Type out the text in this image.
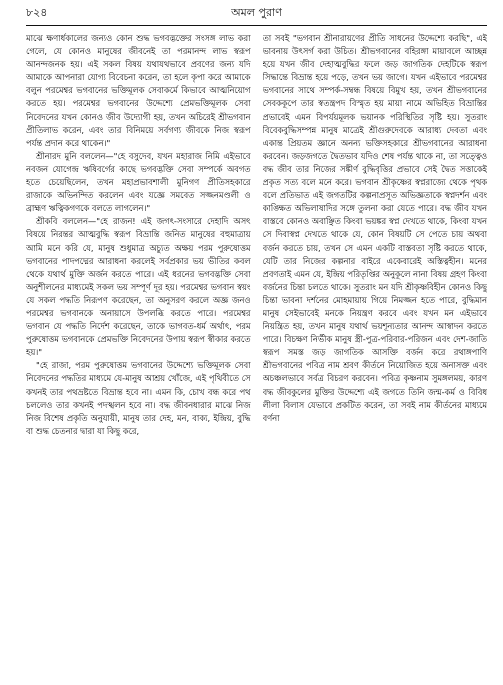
৮২৪	অমল পুরাণ

মাঝে ক্ষণার্ধকালের জন্যও কোন শুদ্ধ ভগবদ্ভক্তের সংসঙ্গ লাভ করা গেলে, যে কোনও মানুষের জীবনেই তা পরমানন্দ লাভ স্বরূপ আনন্দজনক হয়। এই সকল বিষয় যথাযথভাবে প্রবণের জন্য যদি আমাকে আপনারা যোগ্য বিবেচনা করেন, তা হলে কৃপা করে আমাকে বলুন পরমেশ্বর ভগবানের ভক্তিমূলক সেবাকর্মে কিভাবে আত্মনিয়োগ করতে হয়। পরমেশ্বর ভগবানের উদ্দেশ্যে প্রেমভক্তিমূলক সেবা নিবেদনের যখন কোনও জীব উদ্যোগী হয়, তখন অচিরেই শ্রীভগবান প্রীতিলাভ করেন, এবং তার বিনিময়ে সর্বগণ্য জীবকে নিজ স্বরূপ পর্যন্ত প্রদান করে থাকেন।"

শ্রীনারদ মুনি বললেন—"হে বসুদেব, যখন মহারাজ নিমি এইভাবে নবজন যোগেন্দ্র ঋষিবর্গের কাছে ভগবদ্ভক্তি সেবা সম্পর্কে অবগত হতে চেয়েছিলেন, তখন মহাপ্রভাবশালী মুনিগণ প্রীতিসহকারে রাজাকে অভিনন্দিত করলেন এবং যজ্ঞে সমবেত সজ্জনমণ্ডলী ও ব্রাহ্মণ ঋত্বিকগণকে বলতে লাগলেন।"

শ্রীকবি বললেন—"হে রাজন! এই জগৎ-সংসারে দেহাদি অসৎ বিষয়ে নিরন্তর আত্মবুদ্ধি স্বরূপ বিভ্রান্তি জনিত মানুষের বহুমাত্রায় আমি মনে করি যে, মানুষ শুধুমাত্র অচ্যুত অক্ষয় পরম পুরুষোত্তম ভগবানের পাদপদ্মের আরাধনা করলেই সর্বপ্রকার ভয় ভীতির কবল থেকে যথার্থ মুক্তি অর্জন করতে পারে। এই ধরনের ভগবদ্ভক্তি সেবা অনুশীলনের মাধ্যমেই সকল ভয় সম্পূর্ণ দূর হয়। পরমেশ্বর ভগবান স্বয়ং যে সকল পদ্ধতি নিরূপণ করেছেন, তা অনুসরণ করলে অজ্ঞ জনও পরমেশ্বর ভগবানকে অনায়াসে উপলব্ধি করতে পারে। পরমেশ্বর ভগবান যে পদ্ধতি নির্দেশ করেছেন, তাকে ভাগবত-ধর্ম অর্থাৎ, পরম পুরুষোত্তম ভগবানকে প্রেমভক্তি নিবেদনের উপায় স্বরূপ স্বীকার করতে হয়।"

"হে রাজা, পরম পুরুষোত্তম ভগবানের উদ্দেশ্যে ভক্তিমূলক সেবা নিবেদনের পদ্ধতির মাধ্যমে যে-মানুষ আশ্রয় খোঁজে, এই পৃথিবীতে সে কখনই তার পথভ্রষ্টতে বিভ্রান্ত হবে না। এমন কি, চোখ বন্ধ করে পথ চললেও তার কখনই পদস্খলন হবে না। বদ্ধ জীবনধারার মাঝে নিজ নিজ বিশেষ প্রকৃতি অনুযায়ী, মানুষ তার দেহ, মন, বাক্য, ইন্দ্রিয়, বুদ্ধি বা শুদ্ধ চেতনার দ্বারা যা কিছু করে,

তা সবই "ভগবান শ্রীনারায়ণের প্রীতি সাধনের উদ্দেশ্যে করছি", এই ভাবনায় উৎসর্গ করা উচিত। শ্রীভগবানের বহিরঙ্গা মায়াবলে আচ্ছন্ন হয়ে যখন জীব দেহাত্মবুদ্ধির ফলে জড় জাগতিক দেহটিকে স্বরূপ সিদ্ধান্তে বিভ্রান্ত হয়ে পড়ে, তখন ভয় জাগে। যখন এইভাবে পরমেশ্বর ভগবানের সাথে সম্পর্ক-সম্বন্ধ বিষয়ে বিমুখ হয়, তখন শ্রীভগবানের সেবককূপে তার স্বতন্ত্রপদ বিস্মৃত হয় মায়া নামে অভিহিত বিভ্রান্তির প্রভাবেই এমন বিপর্যয়মূলক ভয়ানক পরিস্থিতির সৃষ্টি হয়। সুতরাং বিবেকবুদ্ধিসম্পন্ন মানুষ মাত্রেই শ্রীগুরুদেবকে আরাধ্য দেবতা এবং একান্ত প্রিয়তম জ্ঞানে অনন্য ভক্তিসহকারে শ্রীভগবানের আরাধনা করবেন। জড়জগতে দ্বৈতভাব যদিও শেষ পর্যন্ত থাকে না, তা সত্ত্বেও বদ্ধ জীব তার নিজের সঙ্কীর্ণ বুদ্ধিবৃত্তির প্রভাবে সেই দ্বৈত সত্তাকেই প্রকৃত সত্য বলে মনে করে। ভগবান শ্রীকৃষ্ণের স্বপ্নরাজ্যে থেকে পৃথক বলে প্রতিভাত এই জগতটির কল্পনাপ্রসূত অভিজ্ঞতাকে স্বপ্নদর্শন এবং কাঙ্ক্ষিত অভিলাষাদির সঙ্গে তুলনা করা যেতে পারে। বদ্ধ জীব যখন বাস্তবে কোনও অবাঞ্ছিত কিংবা ভয়ঙ্কর স্বপ্ন দেখতে থাকে, কিংবা যখন সে দিবাস্বপ্ন দেখতে থাকে যে, কোন বিষয়টি সে পেতে চায় অথবা বর্জন করতে চায়, তখন সে এমন একটি বাস্তবতা সৃষ্টি করতে থাকে, যেটি তার নিজের কল্পনার বাইরে একেবারেই অস্তিত্বহীন। মনের প্রবণতাই এমন যে, ইন্দ্রিয় পরিতৃপ্তির অনুকূলে নানা বিষয় গ্রহণ কিংবা বর্জনের চিন্তা চলতে থাকে। সুতরাং মন যদি শ্রীকৃষ্ণবিহীন কোনও কিছু চিন্তা ভাবনা দর্শনের মোহমায়ায় গিয়ে নিমজ্জন হতে পারে, বুদ্ধিমান মানুষ সেইভাবেই মনকে নিয়ন্ত্রণ করবে এবং যখন মন এইভাবে নিয়ন্ত্রিত হয়, তখন মানুষ যথার্থ ভয়শূন্যতার আনন্দ আস্বাদন করতে পারে। বিচক্ষণ নির্ভীক মানুষ স্ত্রী-পুত্র-পরিবার-পরিজন এবং দেশ-জাতি স্বরূপ সমস্ত জড় জাগতিক আসক্তি বর্জন করে রথাঙ্গপাণি শ্রীভগবানের পবিত্র নাম শ্রবণ কীর্তনে নিয়োজিত হয়ে অনাসক্ত এবং অচঞ্চলভাবে সর্বত্র বিচরণ করবেন। পবিত্র কৃষ্ণনাম সুমঙ্গলময়, কারণ বদ্ধ জীবকুলের মুক্তির উদ্দেশ্যে এই জগতে তিনি জন্ম-কর্ম ও বিবিধ লীলা বিলাস যেভাবে প্রকটিত করেন, তা সবই নাম কীর্তনের মাধ্যমে বর্ণনা
